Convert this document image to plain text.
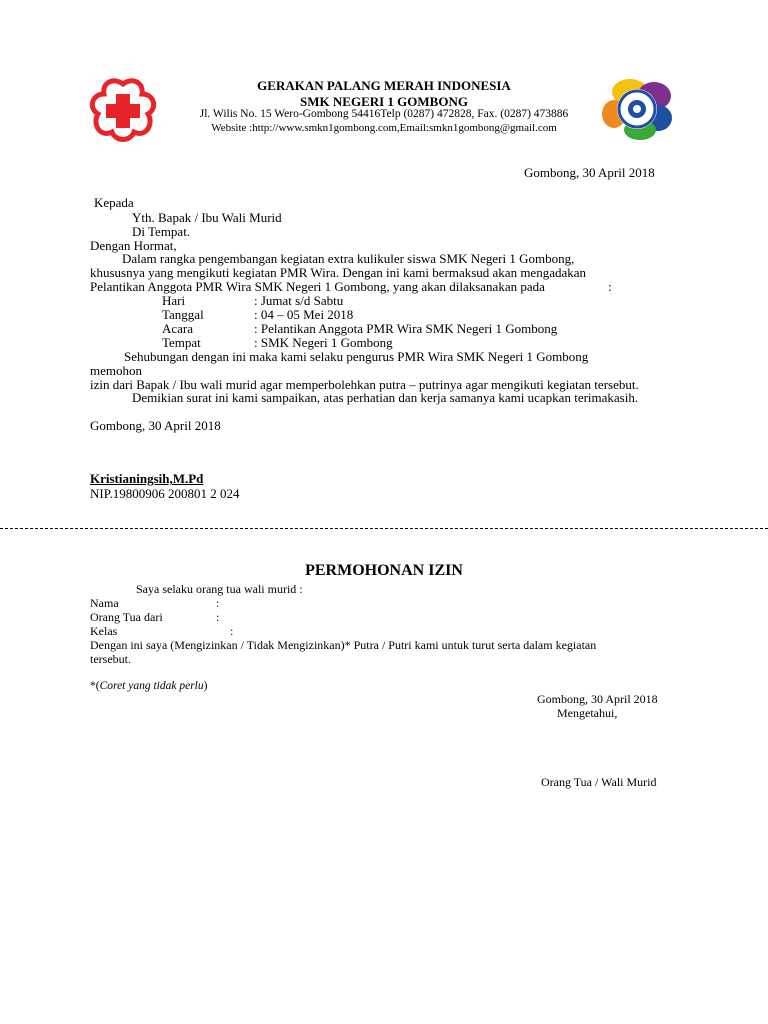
GERAKAN PALANG MERAH INDONESIA
SMK NEGERI 1 GOMBONG
Jl. Wilis No. 15 Wero-Gombong 54416Telp (0287) 472828, Fax. (0287) 473886
Website :http://www.smkn1gombong.com,Email:smkn1gombong@gmail.com
Gombong, 30 April 2018
Kepada
Yth. Bapak / Ibu Wali Murid
Di Tempat.
Dengan Hormat,
Dalam rangka pengembangan kegiatan extra kulikuler siswa SMK Negeri 1 Gombong,
khususnya yang mengikuti kegiatan PMR Wira. Dengan ini kami bermaksud akan mengadakan
Pelantikan Anggota PMR Wira SMK Negeri 1 Gombong, yang akan dilaksanakan pada	:
Hari	: Jumat s/d Sabtu
Tanggal	: 04 – 05 Mei 2018
Acara	: Pelantikan Anggota PMR Wira SMK Negeri 1 Gombong
Tempat	: SMK Negeri 1 Gombong
Sehubungan dengan ini maka kami selaku pengurus PMR Wira SMK Negeri 1 Gombong
memohon
izin dari Bapak / Ibu wali murid agar memperbolehkan putra – putrinya agar mengikuti kegiatan tersebut.
Demikian surat ini kami sampaikan, atas perhatian dan kerja samanya kami ucapkan terimakasih.
Gombong, 30 April 2018
Kristianingsih,M.Pd
NIP.19800906 200801 2 024
PERMOHONAN IZIN
Saya selaku orang tua wali murid :
Nama	:
Orang Tua dari	:
Kelas	:
Dengan ini saya (Mengizinkan / Tidak Mengizinkan)* Putra / Putri kami untuk turut serta dalam kegiatan
tersebut.
*(Coret yang tidak perlu)
Gombong, 30 April 2018
Mengetahui,
Orang Tua / Wali Murid
